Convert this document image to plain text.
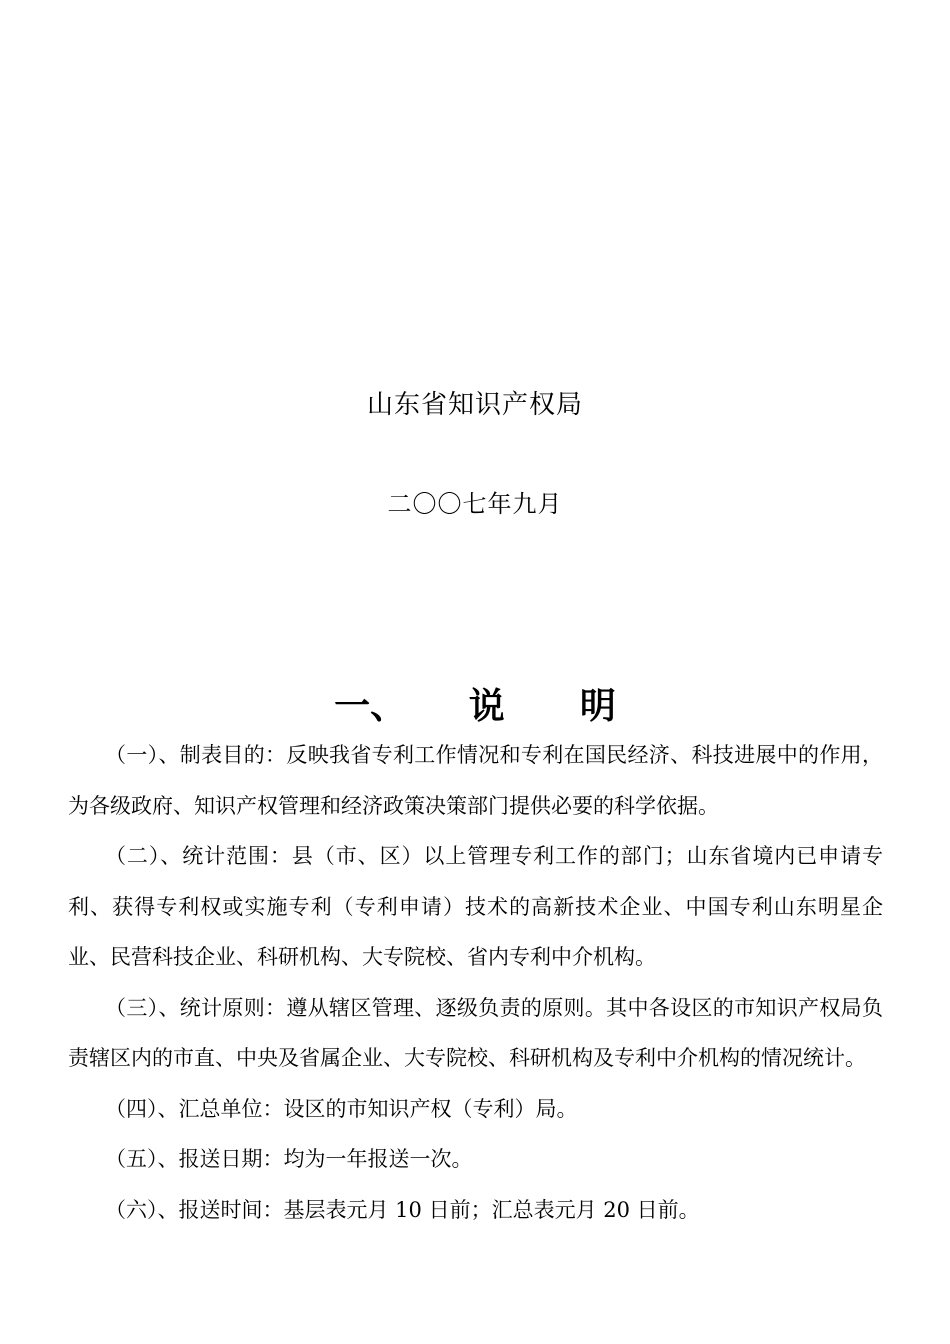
山东省知识产权局
二〇〇七年九月
一、     说      明

（一）、制表目的：反映我省专利工作情况和专利在国民经济、科技进展中的作用，为各级政府、知识产权管理和经济政策决策部门提供必要的科学依据。

（二）、统计范围：县（市、区）以上管理专利工作的部门；山东省境内已申请专利、获得专利权或实施专利（专利申请）技术的高新技术企业、中国专利山东明星企业、民营科技企业、科研机构、大专院校、省内专利中介机构。

（三）、统计原则：遵从辖区管理、逐级负责的原则。其中各设区的市知识产权局负责辖区内的市直、中央及省属企业、大专院校、科研机构及专利中介机构的情况统计。

（四）、汇总单位：设区的市知识产权（专利）局。

（五）、报送日期：均为一年报送一次。

（六）、报送时间：基层表元月 10 日前；汇总表元月 20 日前。
